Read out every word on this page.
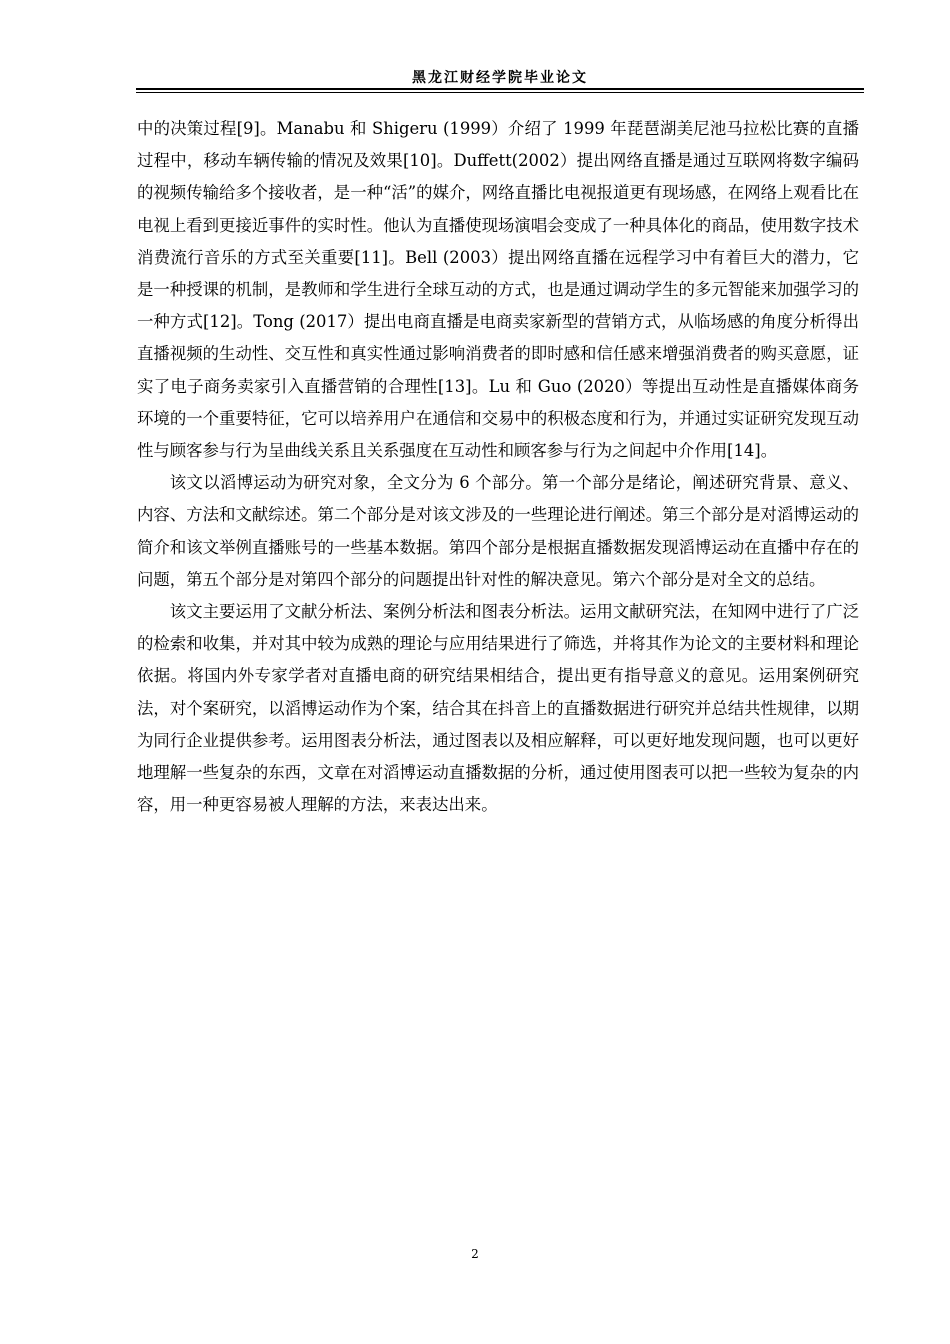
黑龙江财经学院毕业论文

中的决策过程[9]。Manabu 和 Shigeru (1999）介绍了 1999 年琵琶湖美尼池马拉松比赛的直播过程中，移动车辆传输的情况及效果[10]。Duffett(2002）提出网络直播是通过互联网将数字编码的视频传输给多个接收者，是一种“活”的媒介，网络直播比电视报道更有现场感，在网络上观看比在电视上看到更接近事件的实时性。他认为直播使现场演唱会变成了一种具体化的商品，使用数字技术消费流行音乐的方式至关重要[11]。Bell (2003）提出网络直播在远程学习中有着巨大的潜力，它是一种授课的机制，是教师和学生进行全球互动的方式，也是通过调动学生的多元智能来加强学习的一种方式[12]。Tong (2017）提出电商直播是电商卖家新型的营销方式，从临场感的角度分析得出直播视频的生动性、交互性和真实性通过影响消费者的即时感和信任感来增强消费者的购买意愿，证实了电子商务卖家引入直播营销的合理性[13]。Lu 和 Guo (2020）等提出互动性是直播媒体商务环境的一个重要特征，它可以培养用户在通信和交易中的积极态度和行为，并通过实证研究发现互动性与顾客参与行为呈曲线关系且关系强度在互动性和顾客参与行为之间起中介作用[14]。

该文以滔博运动为研究对象，全文分为 6 个部分。第一个部分是绪论，阐述研究背景、意义、内容、方法和文献综述。第二个部分是对该文涉及的一些理论进行阐述。第三个部分是对滔博运动的简介和该文举例直播账号的一些基本数据。第四个部分是根据直播数据发现滔博运动在直播中存在的问题，第五个部分是对第四个部分的问题提出针对性的解决意见。第六个部分是对全文的总结。

该文主要运用了文献分析法、案例分析法和图表分析法。运用文献研究法，在知网中进行了广泛的检索和收集，并对其中较为成熟的理论与应用结果进行了筛选，并将其作为论文的主要材料和理论依据。将国内外专家学者对直播电商的研究结果相结合，提出更有指导意义的意见。运用案例研究法，对个案研究，以滔博运动作为个案，结合其在抖音上的直播数据进行研究并总结共性规律，以期为同行企业提供参考。运用图表分析法，通过图表以及相应解释，可以更好地发现问题，也可以更好地理解一些复杂的东西，文章在对滔博运动直播数据的分析，通过使用图表可以把一些较为复杂的内容，用一种更容易被人理解的方法，来表达出来。

2
